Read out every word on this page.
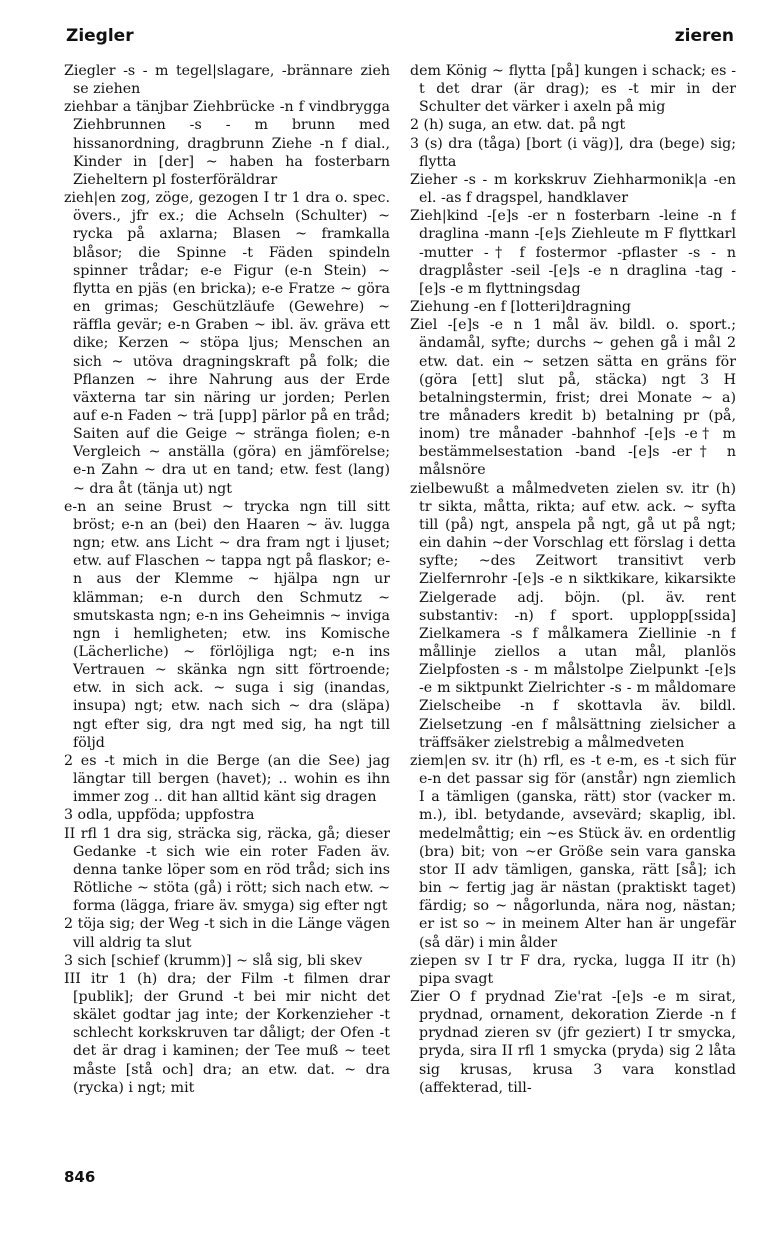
Ziegler	zieren

Ziegler -s - m tegel|slagare, -brännare zieh se ziehen

ziehbar a tänjbar Ziehbrücke -n f vindbrygga Ziehbrunnen -s - m brunn med hissanordning, dragbrunn Ziehe -n f dial., Kinder in [der] ~ haben ha fosterbarn Zieheltern pl fosterföräldrar

zieh|en zog, zöge, gezogen I tr 1 dra o. spec. övers., jfr ex.; die Achseln (Schulter) ~ rycka på axlarna; Blasen ~ framkalla blåsor; die Spinne -t Fäden spindeln spinner trådar; e-e Figur (e-n Stein) ~ flytta en pjäs (en bricka); e-e Fratze ~ göra en grimas; Geschützläufe (Gewehre) ~ räffla gevär; e-n Graben ~ ibl. äv. gräva ett dike; Kerzen ~ stöpa ljus; Menschen an sich ~ utöva dragningskraft på folk; die Pflanzen ~ ihre Nahrung aus der Erde växterna tar sin näring ur jorden; Perlen auf e-n Faden ~ trä [upp] pärlor på en tråd; Saiten auf die Geige ~ stränga fiolen; e-n Vergleich ~ anställa (göra) en jämförelse; e-n Zahn ~ dra ut en tand; etw. fest (lang) ~ dra åt (tänja ut) ngt

e-n an seine Brust ~ trycka ngn till sitt bröst; e-n an (bei) den Haaren ~ äv. lugga ngn; etw. ans Licht ~ dra fram ngt i ljuset; etw. auf Flaschen ~ tappa ngt på flaskor; e-n aus der Klemme ~ hjälpa ngn ur klämman; e-n durch den Schmutz ~ smutskasta ngn; e-n ins Geheimnis ~ inviga ngn i hemligheten; etw. ins Komische (Lächerliche) ~ förlöjliga ngt; e-n ins Vertrauen ~ skänka ngn sitt förtroende; etw. in sich ack. ~ suga i sig (inandas, insupa) ngt; etw. nach sich ~ dra (släpa) ngt efter sig, dra ngt med sig, ha ngt till följd

2 es -t mich in die Berge (an die See) jag längtar till bergen (havet); .. wohin es ihn immer zog .. dit han alltid känt sig dragen

3 odla, uppföda; uppfostra

II rfl 1 dra sig, sträcka sig, räcka, gå; dieser Gedanke -t sich wie ein roter Faden äv. denna tanke löper som en röd tråd; sich ins Rötliche ~ stöta (gå) i rött; sich nach etw. ~ forma (lägga, friare äv. smyga) sig efter ngt

2 töja sig; der Weg -t sich in die Länge vägen vill aldrig ta slut

3 sich [schief (krumm)] ~ slå sig, bli skev

III itr 1 (h) dra; der Film -t filmen drar [publik]; der Grund -t bei mir nicht det skälet godtar jag inte; der Korkenzieher -t schlecht korkskruven tar dåligt; der Ofen -t det är drag i kaminen; der Tee muß ~ teet måste [stå och] dra; an etw. dat. ~ dra (rycka) i ngt; mit

dem König ~ flytta [på] kungen i schack; es -t det drar (är drag); es -t mir in der Schulter det värker i axeln på mig

2 (h) suga, an etw. dat. på ngt

3 (s) dra (tåga) [bort (i väg)], dra (bege) sig; flytta

Zieher -s - m korkskruv Ziehharmonik|a -en el. -as f dragspel, handklaver

Zieh|kind -[e]s -er n fosterbarn -leine -n f draglina -mann -[e]s Ziehleute m F flyttkarl -mutter -† f fostermor -pflaster -s - n dragplåster -seil -[e]s -e n draglina -tag -[e]s -e m flyttningsdag

Ziehung -en f [lotteri]dragning

Ziel -[e]s -e n 1 mål äv. bildl. o. sport.; ändamål, syfte; durchs ~ gehen gå i mål 2 etw. dat. ein ~ setzen sätta en gräns för (göra [ett] slut på, stäcka) ngt 3 H betalningstermin, frist; drei Monate ~ a) tre månaders kredit b) betalning pr (på, inom) tre månader -bahnhof -[e]s -e† m bestämmelsestation -band -[e]s -er† n målsnöre

zielbewußt a målmedveten zielen sv. itr (h) tr sikta, måtta, rikta; auf etw. ack. ~ syfta till (på) ngt, anspela på ngt, gå ut på ngt; ein dahin ~der Vorschlag ett förslag i detta syfte; ~des Zeitwort transitivt verb Zielfernrohr -[e]s -e n siktkikare, kikarsikte Zielgerade adj. böjn. (pl. äv. rent substantiv: -n) f sport. upplopp[ssida] Zielkamera -s f målkamera Ziellinie -n f mållinje ziellos a utan mål, planlös Zielpfosten -s - m målstolpe Zielpunkt -[e]s -e m siktpunkt Zielrichter -s - m måldomare Zielscheibe -n f skottavla äv. bildl. Zielsetzung -en f målsättning zielsicher a träffsäker zielstrebig a målmedveten

ziem|en sv. itr (h) rfl, es -t e-m, es -t sich für e-n det passar sig för (anstår) ngn ziemlich I a tämligen (ganska, rätt) stor (vacker m. m.), ibl. betydande, avsevärd; skaplig, ibl. medelmåttig; ein ~es Stück äv. en ordentlig (bra) bit; von ~er Größe sein vara ganska stor II adv tämligen, ganska, rätt [så]; ich bin ~ fertig jag är nästan (praktiskt taget) färdig; so ~ någorlunda, nära nog, nästan; er ist so ~ in meinem Alter han är ungefär (så där) i min ålder

ziepen sv I tr F dra, rycka, lugga II itr (h) pipa svagt

Zier O f prydnad Zie'rat -[e]s -e m sirat, prydnad, ornament, dekoration Zierde -n f prydnad zieren sv (jfr geziert) I tr smycka, pryda, sira II rfl 1 smycka (pryda) sig 2 låta sig krusas, krusa 3 vara konstlad (affekterad, till-

846
